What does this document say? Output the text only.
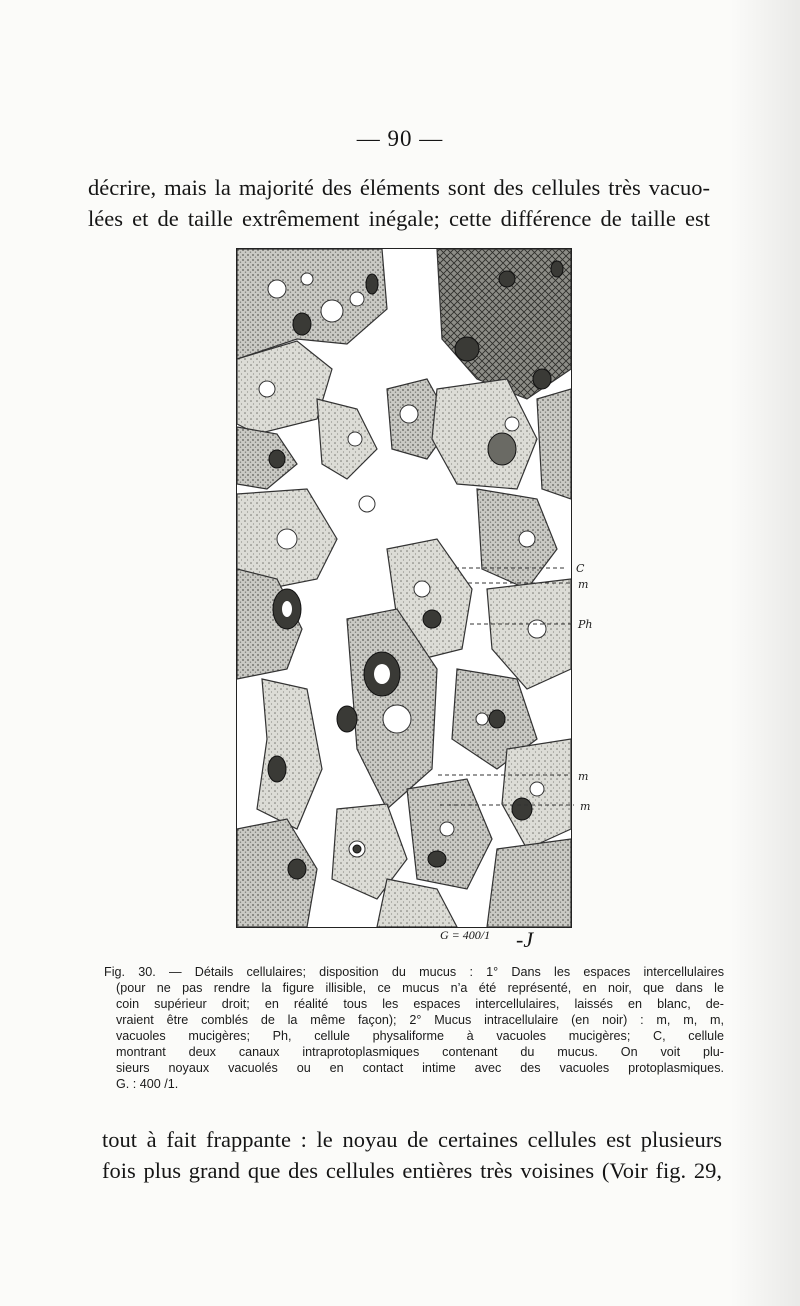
— 90 —
décrire, mais la majorité des éléments sont des cellules très vacuo-
lées et de taille extrêmement inégale; cette différence de taille est
C
m
Ph
m
m
G = 400/1 -J
Fig. 30. — Détails cellulaires; disposition du mucus : 1° Dans les espaces intercellulaires
(pour ne pas rendre la figure illisible, ce mucus n’a été représenté, en noir, que dans le
coin supérieur droit; en réalité tous les espaces intercellulaires, laissés en blanc, de-
vraient être comblés de la même façon); 2° Mucus intracellulaire (en noir) : m, m, m,
vacuoles mucigères; Ph, cellule physaliforme à vacuoles mucigères; C, cellule
montrant deux canaux intraprotoplasmiques contenant du mucus. On voit plu-
sieurs noyaux vacuolés ou en contact intime avec des vacuoles protoplasmiques.
G. : 400 /1.
tout à fait frappante : le noyau de certaines cellules est plusieurs
fois plus grand que des cellules entières très voisines (Voir fig. 29,
